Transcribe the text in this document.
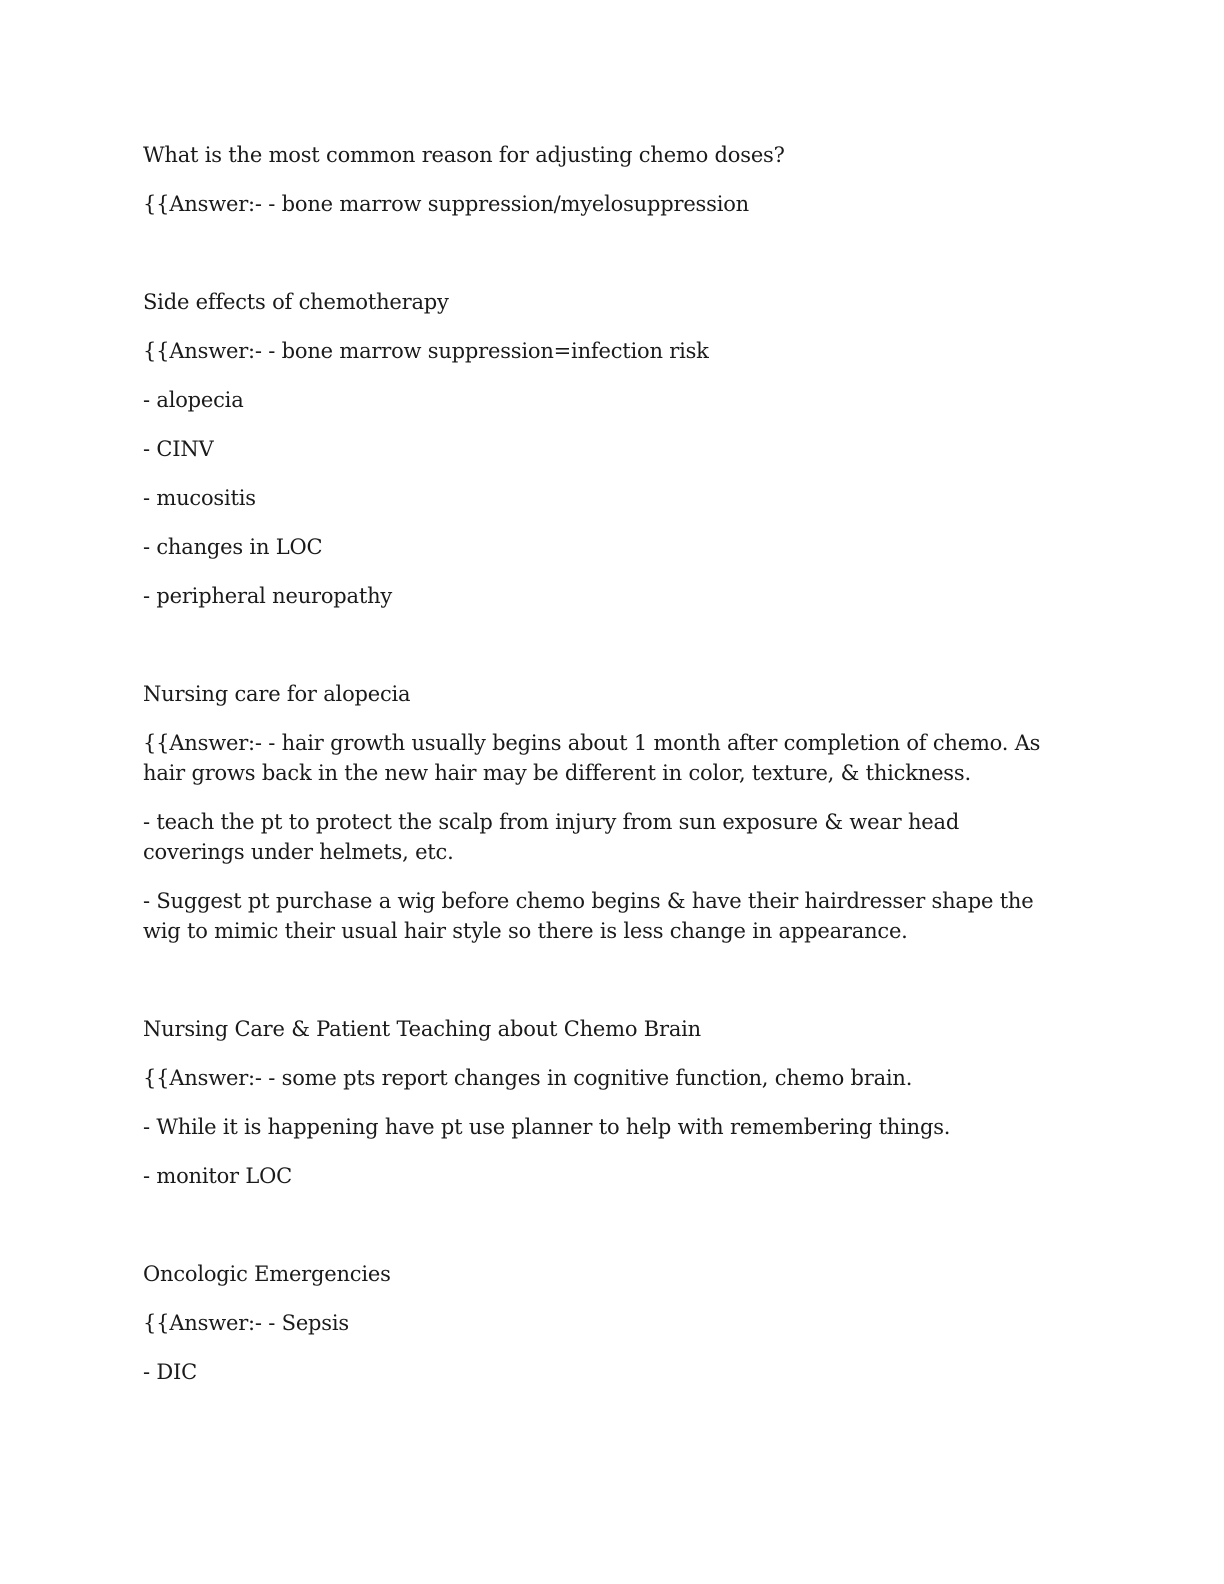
What is the most common reason for adjusting chemo doses?

{{Answer:- - bone marrow suppression/myelosuppression

Side effects of chemotherapy

{{Answer:- - bone marrow suppression=infection risk

- alopecia

- CINV

- mucositis

- changes in LOC

- peripheral neuropathy

Nursing care for alopecia

{{Answer:- - hair growth usually begins about 1 month after completion of chemo. As hair grows back in the new hair may be different in color, texture, & thickness.

- teach the pt to protect the scalp from injury from sun exposure & wear head coverings under helmets, etc.

- Suggest pt purchase a wig before chemo begins & have their hairdresser shape the wig to mimic their usual hair style so there is less change in appearance.

Nursing Care & Patient Teaching about Chemo Brain

{{Answer:- - some pts report changes in cognitive function, chemo brain.

- While it is happening have pt use planner to help with remembering things.

- monitor LOC

Oncologic Emergencies

{{Answer:- - Sepsis

- DIC
